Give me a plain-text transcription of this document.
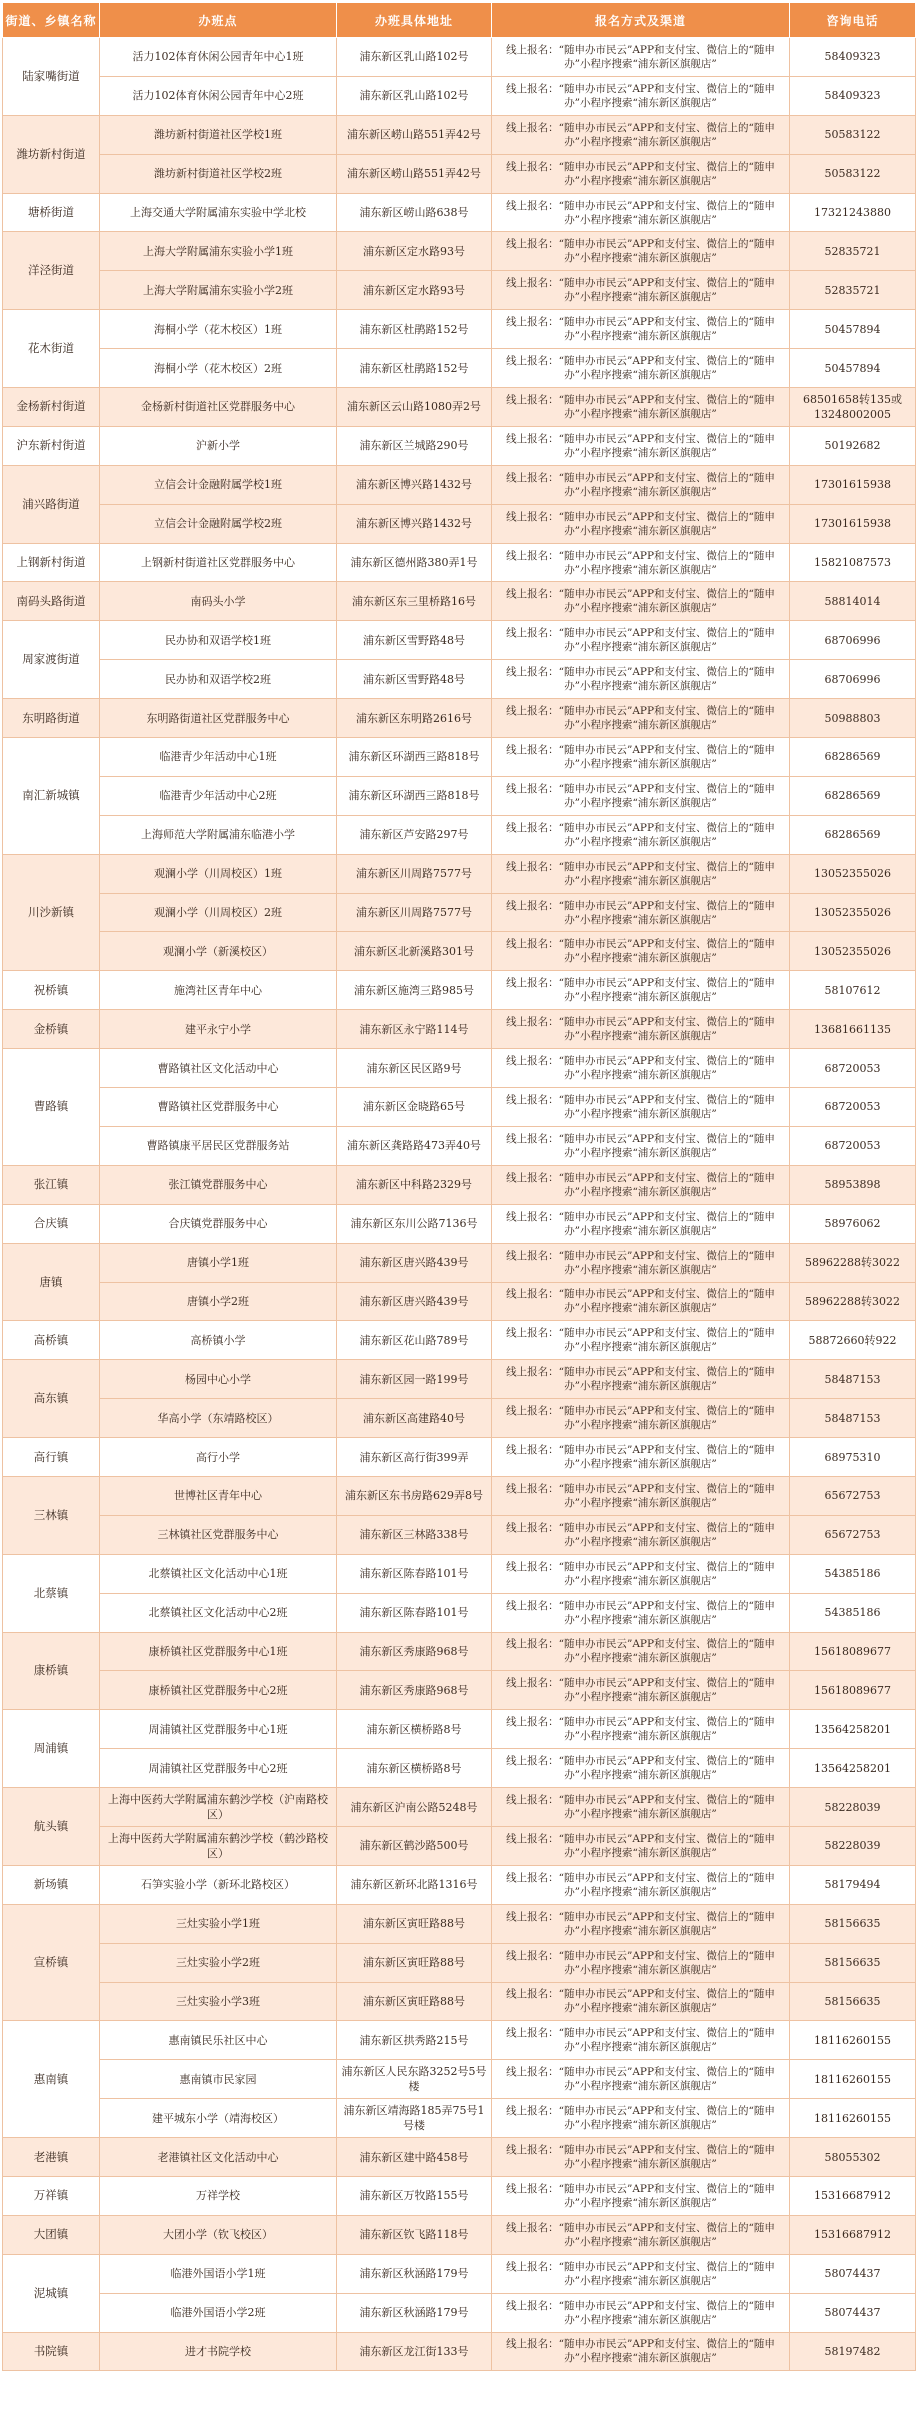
街道、乡镇名称	办班点	办班具体地址	报名方式及渠道	咨询电话
陆家嘴街道	活力102体育休闲公园青年中心1班	浦东新区乳山路102号	线上报名：“随申办市民云”APP和支付宝、微信上的“随申办”小程序搜索“浦东新区旗舰店”	58409323
	活力102体育休闲公园青年中心2班	浦东新区乳山路102号	线上报名：“随申办市民云”APP和支付宝、微信上的“随申办”小程序搜索“浦东新区旗舰店”	58409323
潍坊新村街道	潍坊新村街道社区学校1班	浦东新区崂山路551弄42号	线上报名：“随申办市民云”APP和支付宝、微信上的“随申办”小程序搜索“浦东新区旗舰店”	50583122
	潍坊新村街道社区学校2班	浦东新区崂山路551弄42号	线上报名：“随申办市民云”APP和支付宝、微信上的“随申办”小程序搜索“浦东新区旗舰店”	50583122
塘桥街道	上海交通大学附属浦东实验中学北校	浦东新区崂山路638号	线上报名：“随申办市民云”APP和支付宝、微信上的“随申办”小程序搜索“浦东新区旗舰店”	17321243880
洋泾街道	上海大学附属浦东实验小学1班	浦东新区定水路93号	线上报名：“随申办市民云”APP和支付宝、微信上的“随申办”小程序搜索“浦东新区旗舰店”	52835721
	上海大学附属浦东实验小学2班	浦东新区定水路93号	线上报名：“随申办市民云”APP和支付宝、微信上的“随申办”小程序搜索“浦东新区旗舰店”	52835721
花木街道	海桐小学（花木校区）1班	浦东新区杜鹃路152号	线上报名：“随申办市民云”APP和支付宝、微信上的“随申办”小程序搜索“浦东新区旗舰店”	50457894
	海桐小学（花木校区）2班	浦东新区杜鹃路152号	线上报名：“随申办市民云”APP和支付宝、微信上的“随申办”小程序搜索“浦东新区旗舰店”	50457894
金杨新村街道	金杨新村街道社区党群服务中心	浦东新区云山路1080弄2号	线上报名：“随申办市民云”APP和支付宝、微信上的“随申办”小程序搜索“浦东新区旗舰店”	68501658转135或13248002005
沪东新村街道	沪新小学	浦东新区兰城路290号	线上报名：“随申办市民云”APP和支付宝、微信上的“随申办”小程序搜索“浦东新区旗舰店”	50192682
浦兴路街道	立信会计金融附属学校1班	浦东新区博兴路1432号	线上报名：“随申办市民云”APP和支付宝、微信上的“随申办”小程序搜索“浦东新区旗舰店”	17301615938
	立信会计金融附属学校2班	浦东新区博兴路1432号	线上报名：“随申办市民云”APP和支付宝、微信上的“随申办”小程序搜索“浦东新区旗舰店”	17301615938
上钢新村街道	上钢新村街道社区党群服务中心	浦东新区德州路380弄1号	线上报名：“随申办市民云”APP和支付宝、微信上的“随申办”小程序搜索“浦东新区旗舰店”	15821087573
南码头路街道	南码头小学	浦东新区东三里桥路16号	线上报名：“随申办市民云”APP和支付宝、微信上的“随申办”小程序搜索“浦东新区旗舰店”	58814014
周家渡街道	民办协和双语学校1班	浦东新区雪野路48号	线上报名：“随申办市民云”APP和支付宝、微信上的“随申办”小程序搜索“浦东新区旗舰店”	68706996
	民办协和双语学校2班	浦东新区雪野路48号	线上报名：“随申办市民云”APP和支付宝、微信上的“随申办”小程序搜索“浦东新区旗舰店”	68706996
东明路街道	东明路街道社区党群服务中心	浦东新区东明路2616号	线上报名：“随申办市民云”APP和支付宝、微信上的“随申办”小程序搜索“浦东新区旗舰店”	50988803
南汇新城镇	临港青少年活动中心1班	浦东新区环湖西三路818号	线上报名：“随申办市民云”APP和支付宝、微信上的“随申办”小程序搜索“浦东新区旗舰店”	68286569
	临港青少年活动中心2班	浦东新区环湖西三路818号	线上报名：“随申办市民云”APP和支付宝、微信上的“随申办”小程序搜索“浦东新区旗舰店”	68286569
	上海师范大学附属浦东临港小学	浦东新区芦安路297号	线上报名：“随申办市民云”APP和支付宝、微信上的“随申办”小程序搜索“浦东新区旗舰店”	68286569
川沙新镇	观澜小学（川周校区）1班	浦东新区川周路7577号	线上报名：“随申办市民云”APP和支付宝、微信上的“随申办”小程序搜索“浦东新区旗舰店”	13052355026
	观澜小学（川周校区）2班	浦东新区川周路7577号	线上报名：“随申办市民云”APP和支付宝、微信上的“随申办”小程序搜索“浦东新区旗舰店”	13052355026
	观澜小学（新溪校区）	浦东新区北新溪路301号	线上报名：“随申办市民云”APP和支付宝、微信上的“随申办”小程序搜索“浦东新区旗舰店”	13052355026
祝桥镇	施湾社区青年中心	浦东新区施湾三路985号	线上报名：“随申办市民云”APP和支付宝、微信上的“随申办”小程序搜索“浦东新区旗舰店”	58107612
金桥镇	建平永宁小学	浦东新区永宁路114号	线上报名：“随申办市民云”APP和支付宝、微信上的“随申办”小程序搜索“浦东新区旗舰店”	13681661135
曹路镇	曹路镇社区文化活动中心	浦东新区民区路9号	线上报名：“随申办市民云”APP和支付宝、微信上的“随申办”小程序搜索“浦东新区旗舰店”	68720053
	曹路镇社区党群服务中心	浦东新区金晓路65号	线上报名：“随申办市民云”APP和支付宝、微信上的“随申办”小程序搜索“浦东新区旗舰店”	68720053
	曹路镇康平居民区党群服务站	浦东新区龚路路473弄40号	线上报名：“随申办市民云”APP和支付宝、微信上的“随申办”小程序搜索“浦东新区旗舰店”	68720053
张江镇	张江镇党群服务中心	浦东新区中科路2329号	线上报名：“随申办市民云”APP和支付宝、微信上的“随申办”小程序搜索“浦东新区旗舰店”	58953898
合庆镇	合庆镇党群服务中心	浦东新区东川公路7136号	线上报名：“随申办市民云”APP和支付宝、微信上的“随申办”小程序搜索“浦东新区旗舰店”	58976062
唐镇	唐镇小学1班	浦东新区唐兴路439号	线上报名：“随申办市民云”APP和支付宝、微信上的“随申办”小程序搜索“浦东新区旗舰店”	58962288转3022
	唐镇小学2班	浦东新区唐兴路439号	线上报名：“随申办市民云”APP和支付宝、微信上的“随申办”小程序搜索“浦东新区旗舰店”	58962288转3022
高桥镇	高桥镇小学	浦东新区花山路789号	线上报名：“随申办市民云”APP和支付宝、微信上的“随申办”小程序搜索“浦东新区旗舰店”	58872660转922
高东镇	杨园中心小学	浦东新区园一路199号	线上报名：“随申办市民云”APP和支付宝、微信上的“随申办”小程序搜索“浦东新区旗舰店”	58487153
	华高小学（东靖路校区）	浦东新区高建路40号	线上报名：“随申办市民云”APP和支付宝、微信上的“随申办”小程序搜索“浦东新区旗舰店”	58487153
高行镇	高行小学	浦东新区高行街399弄	线上报名：“随申办市民云”APP和支付宝、微信上的“随申办”小程序搜索“浦东新区旗舰店”	68975310
三林镇	世博社区青年中心	浦东新区东书房路629弄8号	线上报名：“随申办市民云”APP和支付宝、微信上的“随申办”小程序搜索“浦东新区旗舰店”	65672753
	三林镇社区党群服务中心	浦东新区三林路338号	线上报名：“随申办市民云”APP和支付宝、微信上的“随申办”小程序搜索“浦东新区旗舰店”	65672753
北蔡镇	北蔡镇社区文化活动中心1班	浦东新区陈春路101号	线上报名：“随申办市民云”APP和支付宝、微信上的“随申办”小程序搜索“浦东新区旗舰店”	54385186
	北蔡镇社区文化活动中心2班	浦东新区陈春路101号	线上报名：“随申办市民云”APP和支付宝、微信上的“随申办”小程序搜索“浦东新区旗舰店”	54385186
康桥镇	康桥镇社区党群服务中心1班	浦东新区秀康路968号	线上报名：“随申办市民云”APP和支付宝、微信上的“随申办”小程序搜索“浦东新区旗舰店”	15618089677
	康桥镇社区党群服务中心2班	浦东新区秀康路968号	线上报名：“随申办市民云”APP和支付宝、微信上的“随申办”小程序搜索“浦东新区旗舰店”	15618089677
周浦镇	周浦镇社区党群服务中心1班	浦东新区横桥路8号	线上报名：“随申办市民云”APP和支付宝、微信上的“随申办”小程序搜索“浦东新区旗舰店”	13564258201
	周浦镇社区党群服务中心2班	浦东新区横桥路8号	线上报名：“随申办市民云”APP和支付宝、微信上的“随申办”小程序搜索“浦东新区旗舰店”	13564258201
航头镇	上海中医药大学附属浦东鹤沙学校（沪南路校区）	浦东新区沪南公路5248号	线上报名：“随申办市民云”APP和支付宝、微信上的“随申办”小程序搜索“浦东新区旗舰店”	58228039
	上海中医药大学附属浦东鹤沙学校（鹤沙路校区）	浦东新区鹤沙路500号	线上报名：“随申办市民云”APP和支付宝、微信上的“随申办”小程序搜索“浦东新区旗舰店”	58228039
新场镇	石笋实验小学（新环北路校区）	浦东新区新环北路1316号	线上报名：“随申办市民云”APP和支付宝、微信上的“随申办”小程序搜索“浦东新区旗舰店”	58179494
宣桥镇	三灶实验小学1班	浦东新区寅旺路88号	线上报名：“随申办市民云”APP和支付宝、微信上的“随申办”小程序搜索“浦东新区旗舰店”	58156635
	三灶实验小学2班	浦东新区寅旺路88号	线上报名：“随申办市民云”APP和支付宝、微信上的“随申办”小程序搜索“浦东新区旗舰店”	58156635
	三灶实验小学3班	浦东新区寅旺路88号	线上报名：“随申办市民云”APP和支付宝、微信上的“随申办”小程序搜索“浦东新区旗舰店”	58156635
惠南镇	惠南镇民乐社区中心	浦东新区拱秀路215号	线上报名：“随申办市民云”APP和支付宝、微信上的“随申办”小程序搜索“浦东新区旗舰店”	18116260155
	惠南镇市民家园	浦东新区人民东路3252号5号楼	线上报名：“随申办市民云”APP和支付宝、微信上的“随申办”小程序搜索“浦东新区旗舰店”	18116260155
	建平城东小学（靖海校区）	浦东新区靖海路185弄75号1号楼	线上报名：“随申办市民云”APP和支付宝、微信上的“随申办”小程序搜索“浦东新区旗舰店”	18116260155
老港镇	老港镇社区文化活动中心	浦东新区建中路458号	线上报名：“随申办市民云”APP和支付宝、微信上的“随申办”小程序搜索“浦东新区旗舰店”	58055302
万祥镇	万祥学校	浦东新区万牧路155号	线上报名：“随申办市民云”APP和支付宝、微信上的“随申办”小程序搜索“浦东新区旗舰店”	15316687912
大团镇	大团小学（钦飞校区）	浦东新区钦飞路118号	线上报名：“随申办市民云”APP和支付宝、微信上的“随申办”小程序搜索“浦东新区旗舰店”	15316687912
泥城镇	临港外国语小学1班	浦东新区秋涵路179号	线上报名：“随申办市民云”APP和支付宝、微信上的“随申办”小程序搜索“浦东新区旗舰店”	58074437
	临港外国语小学2班	浦东新区秋涵路179号	线上报名：“随申办市民云”APP和支付宝、微信上的“随申办”小程序搜索“浦东新区旗舰店”	58074437
书院镇	进才书院学校	浦东新区龙江街133号	线上报名：“随申办市民云”APP和支付宝、微信上的“随申办”小程序搜索“浦东新区旗舰店”	58197482
